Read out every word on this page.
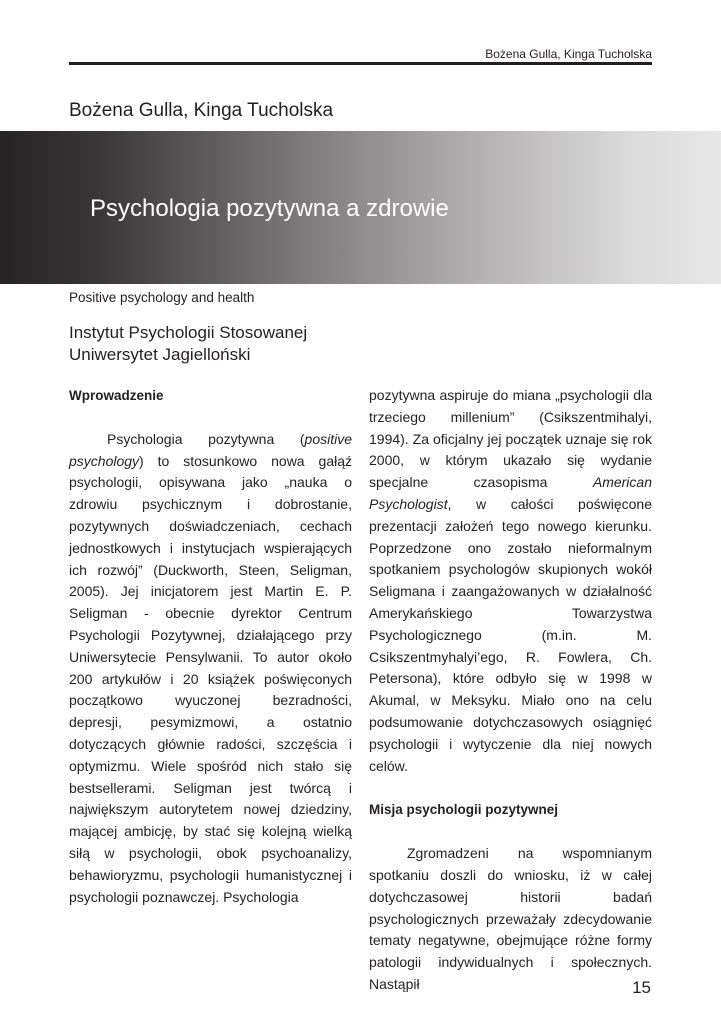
Bożena Gulla, Kinga Tucholska
Bożena Gulla, Kinga Tucholska
Psychologia pozytywna a zdrowie
Positive psychology and health
Instytut Psychologii Stosowanej
Uniwersytet Jagielloński

Wprowadzenie

Psychologia pozytywna (positive psychology) to stosunkowo nowa gałąź psychologii, opisywana jako „nauka o zdrowiu psychicznym i dobrostanie, pozytywnych doświadczeniach, cechach jednostkowych i instytucjach wspierających ich rozwój” (Duckworth, Steen, Seligman, 2005). Jej inicjatorem jest Martin E. P. Seligman - obecnie dyrektor Centrum Psychologii Pozytywnej, działającego przy Uniwersytecie Pensylwanii. To autor około 200 artykułów i 20 książek poświęconych początkowo wyuczonej bezradności, depresji, pesymizmowi, a ostatnio dotyczących głównie radości, szczęścia i optymizmu. Wiele spośród nich stało się bestsellerami. Seligman jest twórcą i największym autorytetem nowej dziedziny, mającej ambicję, by stać się kolejną wielką siłą w psychologii, obok psychoanalizy, behawioryzmu, psychologii humanistycznej i psychologii poznawczej. Psychologia

pozytywna aspiruje do miana „psychologii dla trzeciego millenium” (Csikszentmihalyi, 1994). Za oficjalny jej początek uznaje się rok 2000, w którym ukazało się wydanie specjalne czasopisma American Psychologist, w całości poświęcone prezentacji założeń tego nowego kierunku. Poprzedzone ono zostało nieformalnym spotkaniem psychologów skupionych wokół Seligmana i zaangażowanych w działalność Amerykańskiego Towarzystwa Psychologicznego (m.in. M. Csikszentmyhalyi’ego, R. Fowlera, Ch. Petersona), które odbyło się w 1998 w Akumal, w Meksyku. Miało ono na celu podsumowanie dotychczasowych osiągnięć psychologii i wytyczenie dla niej nowych celów.

Misja psychologii pozytywnej

Zgromadzeni na wspomnianym spotkaniu doszli do wniosku, iż w całej dotychczasowej historii badań psychologicznych przeważały zdecydowanie tematy negatywne, obejmujące różne formy patologii indywidualnych i społecznych. Nastąpił	15
